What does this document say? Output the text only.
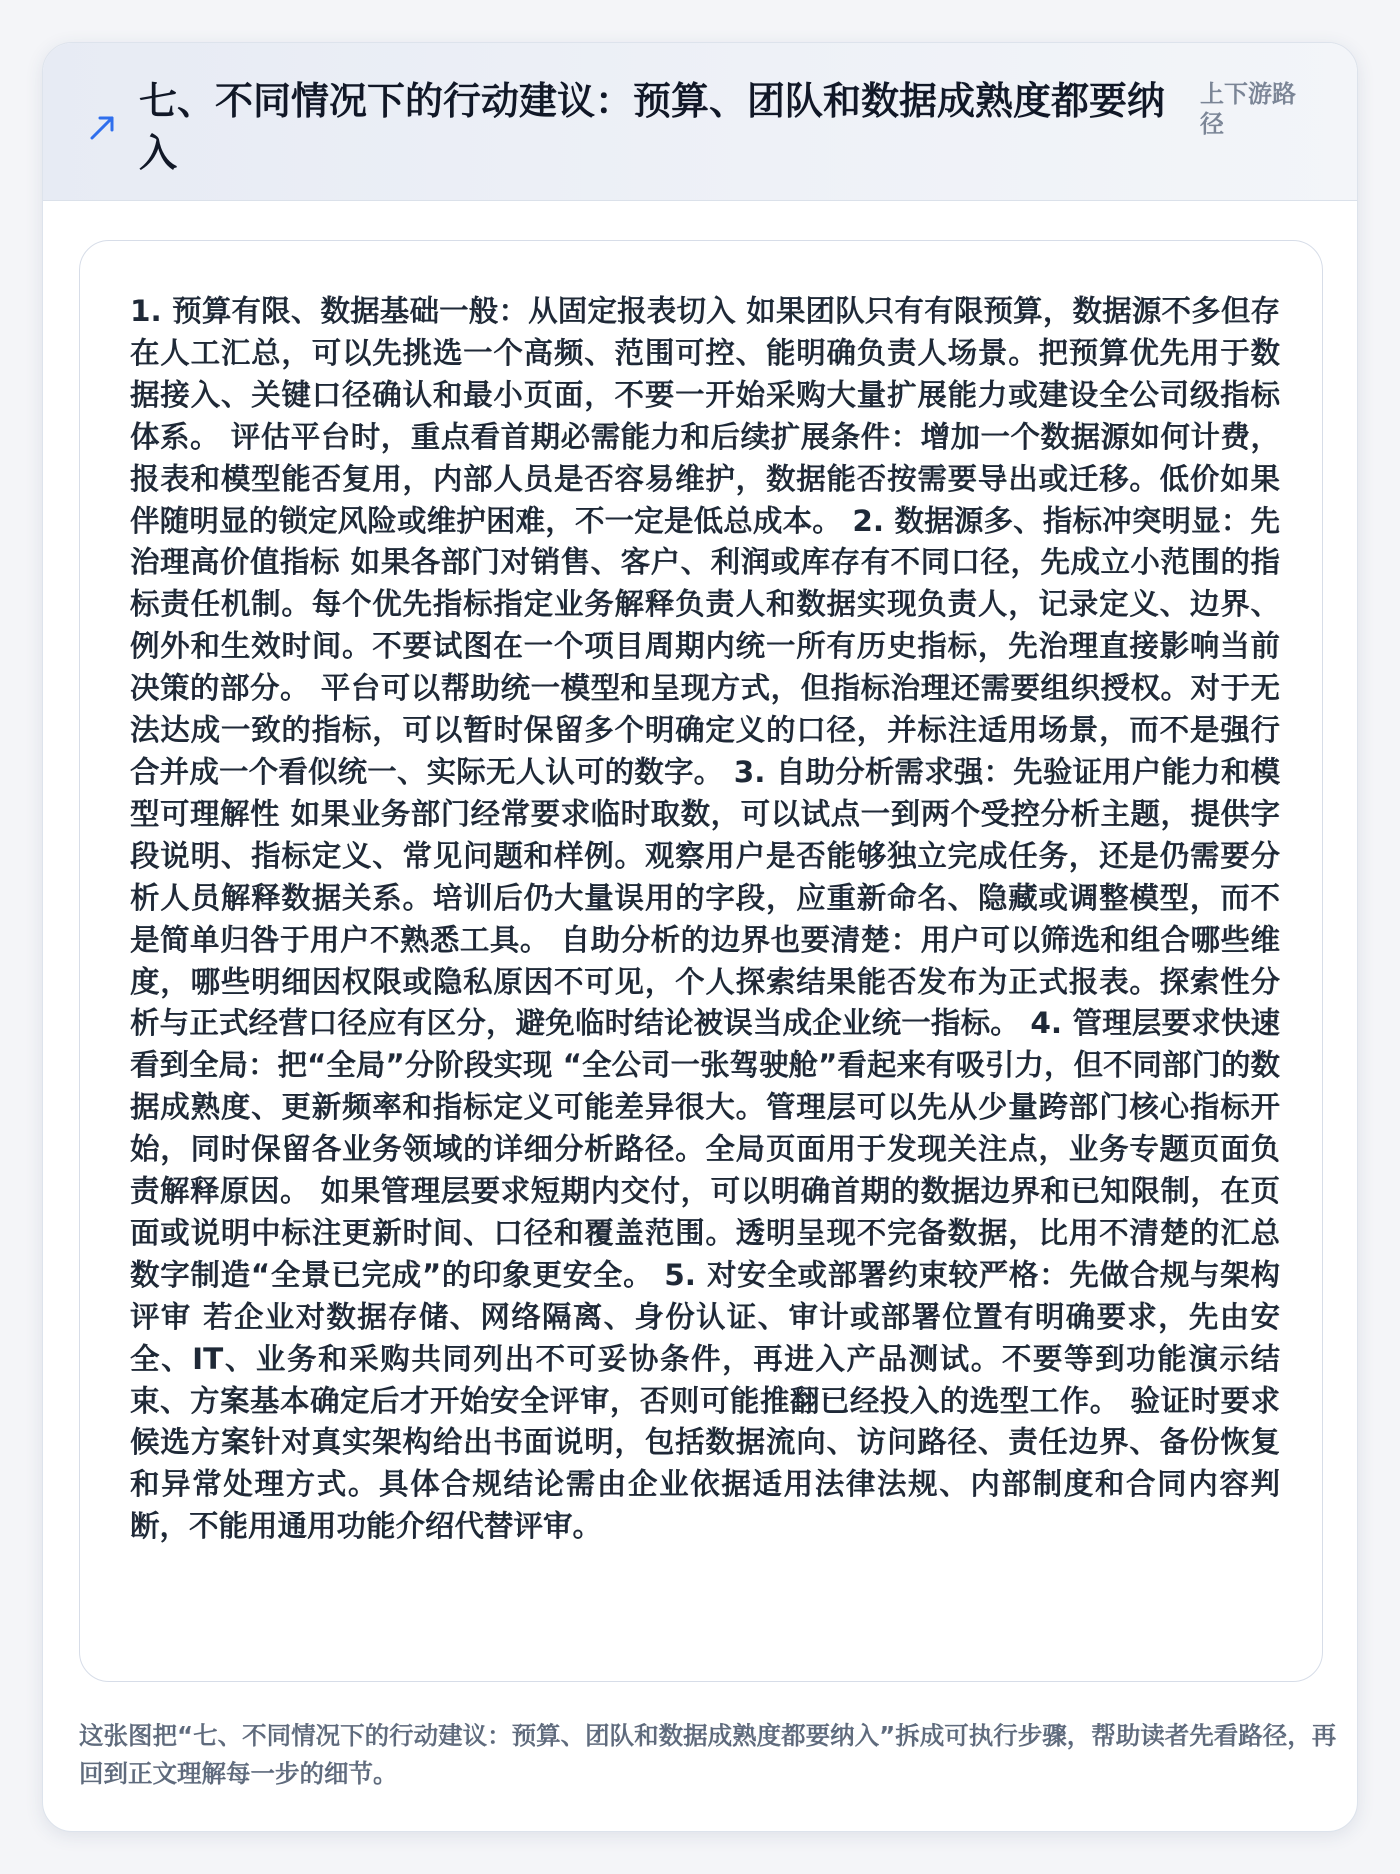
七、不同情况下的行动建议：预算、团队和数据成熟度都要纳入
上下游路径
1. 预算有限、数据基础一般：从固定报表切入 如果团队只有有限预算，数据源不多但存在人工汇总，可以先挑选一个高频、范围可控、能明确负责人场景。把预算优先用于数据接入、关键口径确认和最小页面，不要一开始采购大量扩展能力或建设全公司级指标体系。 评估平台时，重点看首期必需能力和后续扩展条件：增加一个数据源如何计费，报表和模型能否复用，内部人员是否容易维护，数据能否按需要导出或迁移。低价如果伴随明显的锁定风险或维护困难，不一定是低总成本。 2. 数据源多、指标冲突明显：先治理高价值指标 如果各部门对销售、客户、利润或库存有不同口径，先成立小范围的指标责任机制。每个优先指标指定业务解释负责人和数据实现负责人，记录定义、边界、例外和生效时间。不要试图在一个项目周期内统一所有历史指标，先治理直接影响当前决策的部分。 平台可以帮助统一模型和呈现方式，但指标治理还需要组织授权。对于无法达成一致的指标，可以暂时保留多个明确定义的口径，并标注适用场景，而不是强行合并成一个看似统一、实际无人认可的数字。 3. 自助分析需求强：先验证用户能力和模型可理解性 如果业务部门经常要求临时取数，可以试点一到两个受控分析主题，提供字段说明、指标定义、常见问题和样例。观察用户是否能够独立完成任务，还是仍需要分析人员解释数据关系。培训后仍大量误用的字段，应重新命名、隐藏或调整模型，而不是简单归咎于用户不熟悉工具。 自助分析的边界也要清楚：用户可以筛选和组合哪些维度，哪些明细因权限或隐私原因不可见，个人探索结果能否发布为正式报表。探索性分析与正式经营口径应有区分，避免临时结论被误当成企业统一指标。 4. 管理层要求快速看到全局：把“全局”分阶段实现 “全公司一张驾驶舱”看起来有吸引力，但不同部门的数据成熟度、更新频率和指标定义可能差异很大。管理层可以先从少量跨部门核心指标开始，同时保留各业务领域的详细分析路径。全局页面用于发现关注点，业务专题页面负责解释原因。 如果管理层要求短期内交付，可以明确首期的数据边界和已知限制，在页面或说明中标注更新时间、口径和覆盖范围。透明呈现不完备数据，比用不清楚的汇总数字制造“全景已完成”的印象更安全。 5. 对安全或部署约束较严格：先做合规与架构评审 若企业对数据存储、网络隔离、身份认证、审计或部署位置有明确要求，先由安全、IT、业务和采购共同列出不可妥协条件，再进入产品测试。不要等到功能演示结束、方案基本确定后才开始安全评审，否则可能推翻已经投入的选型工作。 验证时要求候选方案针对真实架构给出书面说明，包括数据流向、访问路径、责任边界、备份恢复和异常处理方式。具体合规结论需由企业依据适用法律法规、内部制度和合同内容判断，不能用通用功能介绍代替评审。
这张图把“七、不同情况下的行动建议：预算、团队和数据成熟度都要纳入”拆成可执行步骤，帮助读者先看路径，再回到正文理解每一步的细节。
